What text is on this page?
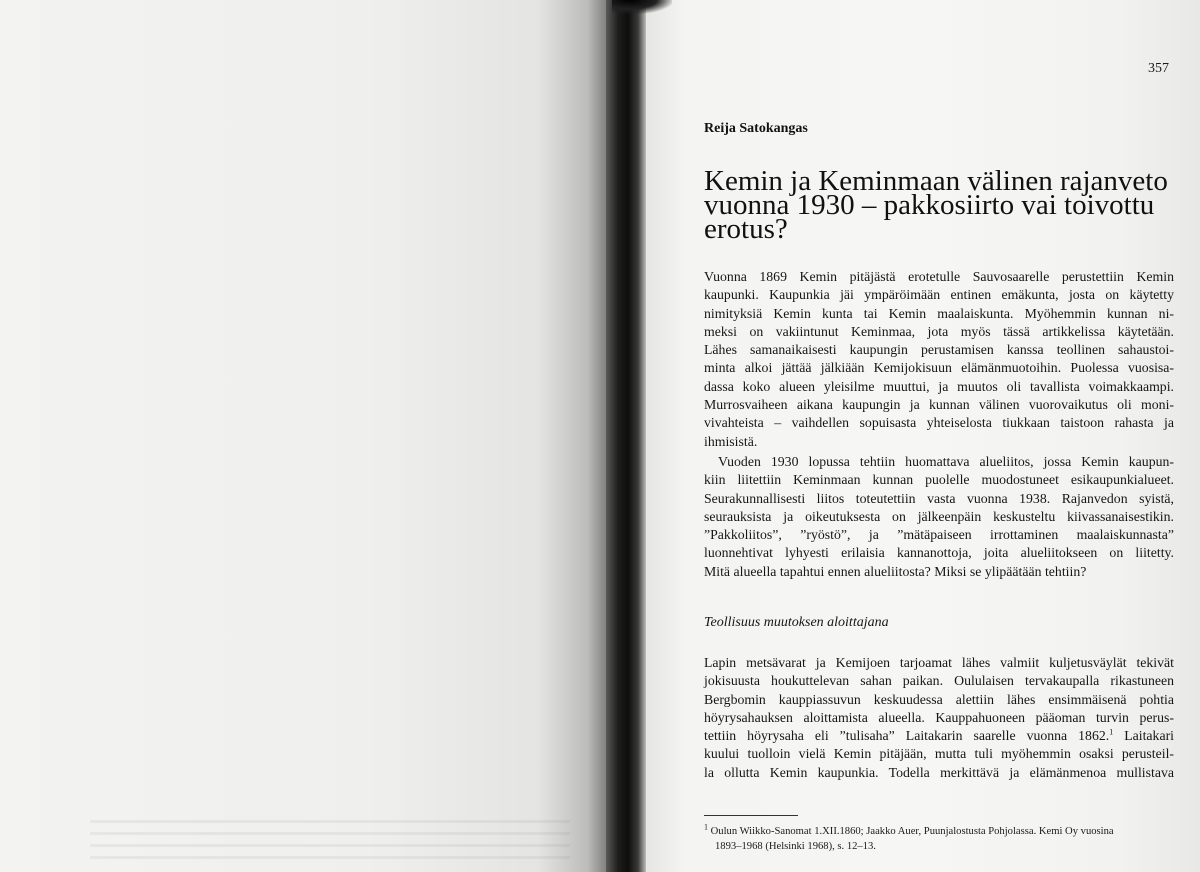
357
Reija Satokangas
Kemin ja Keminmaan välinen rajanveto
vuonna 1930 – pakkosiirto vai toivottu
erotus?
Vuonna 1869 Kemin pitäjästä erotetulle Sauvosaarelle perustettiin Kemin
kaupunki. Kaupunkia jäi ympäröimään entinen emäkunta, josta on käytetty
nimityksiä Kemin kunta tai Kemin maalaiskunta. Myöhemmin kunnan ni-
meksi on vakiintunut Keminmaa, jota myös tässä artikkelissa käytetään.
Lähes samanaikaisesti kaupungin perustamisen kanssa teollinen sahaustoi-
minta alkoi jättää jälkiään Kemijokisuun elämänmuotoihin. Puolessa vuosisa-
dassa koko alueen yleisilme muuttui, ja muutos oli tavallista voimakkaampi.
Murrosvaiheen aikana kaupungin ja kunnan välinen vuorovaikutus oli moni-
vivahteista – vaihdellen sopuisasta yhteiselosta tiukkaan taistoon rahasta ja
ihmisistä.
Vuoden 1930 lopussa tehtiin huomattava alueliitos, jossa Kemin kaupun-
kiin liitettiin Keminmaan kunnan puolelle muodostuneet esikaupunkialueet.
Seurakunnallisesti liitos toteutettiin vasta vuonna 1938. Rajanvedon syistä,
seurauksista ja oikeutuksesta on jälkeenpäin keskusteltu kiivassanaisestikin.
”Pakkoliitos”, ”ryöstö”, ja ”mätäpaiseen irrottaminen maalaiskunnasta”
luonnehtivat lyhyesti erilaisia kannanottoja, joita alueliitokseen on liitetty.
Mitä alueella tapahtui ennen alueliitosta? Miksi se ylipäätään tehtiin?
Teollisuus muutoksen aloittajana
Lapin metsävarat ja Kemijoen tarjoamat lähes valmiit kuljetusväylät tekivät
jokisuusta houkuttelevan sahan paikan. Oululaisen tervakaupalla rikastuneen
Bergbomin kauppiassuvun keskuudessa alettiin lähes ensimmäisenä pohtia
höyrysahauksen aloittamista alueella. Kauppahuoneen pääoman turvin perus-
tettiin höyrysaha eli ”tulisaha” Laitakarin saarelle vuonna 1862.$^1$ Laitakari
kuului tuolloin vielä Kemin pitäjään, mutta tuli myöhemmin osaksi perusteil-
la ollutta Kemin kaupunkia. Todella merkittävä ja elämänmenoa mullistava
$^1$ Oulun Wiikko-Sanomat 1.XII.1860; Jaakko Auer, Puunjalostusta Pohjolassa. Kemi Oy vuosina
1893–1968 (Helsinki 1968), s. 12–13.
